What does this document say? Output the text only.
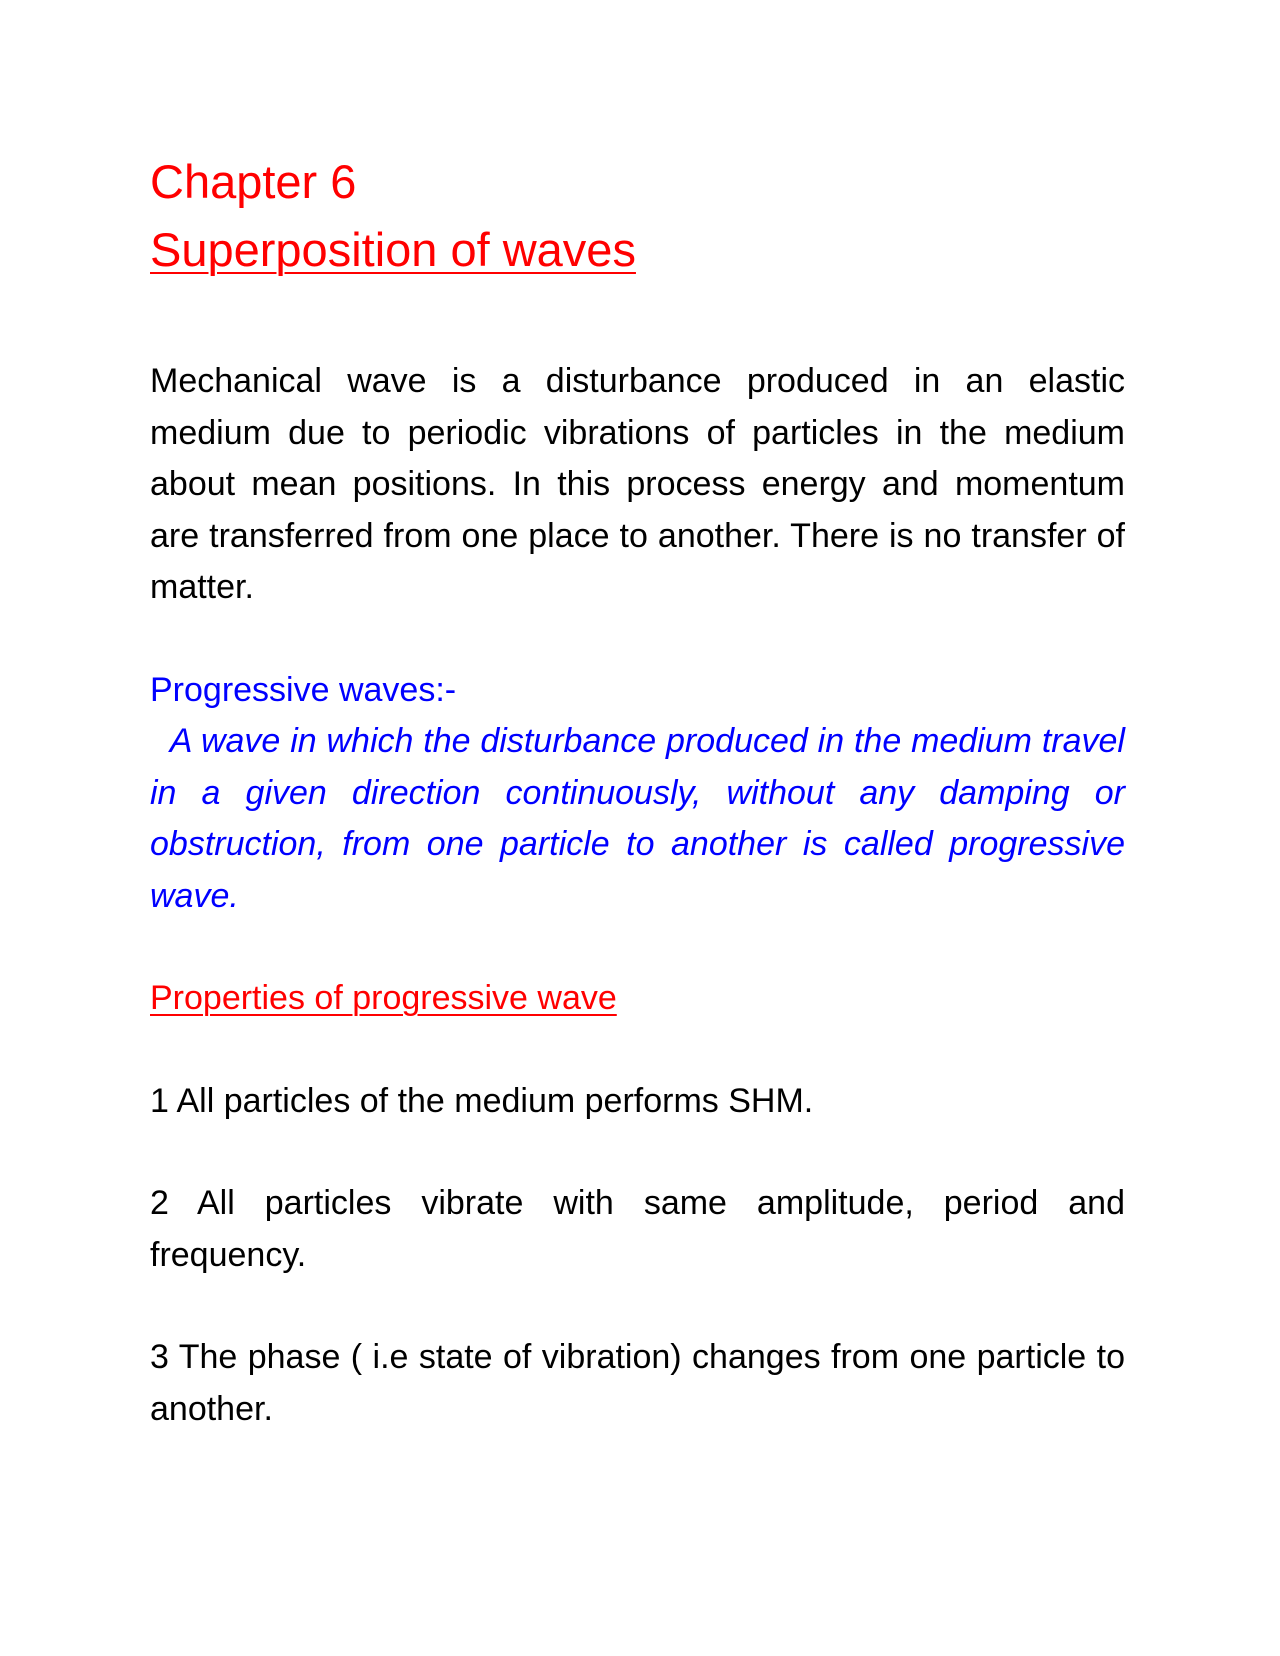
Chapter 6
Superposition of waves

Mechanical wave is a disturbance produced in an elastic medium due to periodic vibrations of particles in the medium about mean positions. In this process energy and momentum are transferred from one place to another. There is no transfer of matter.

Progressive waves:-

A wave in which the disturbance produced in the medium travel in a given direction continuously, without any damping or obstruction, from one particle to another is called progressive wave.

Properties of progressive wave

1 All particles of the medium performs SHM.
2 All particles vibrate with same amplitude, period and frequency.
3 The phase ( i.e state of vibration) changes from one particle to another.
